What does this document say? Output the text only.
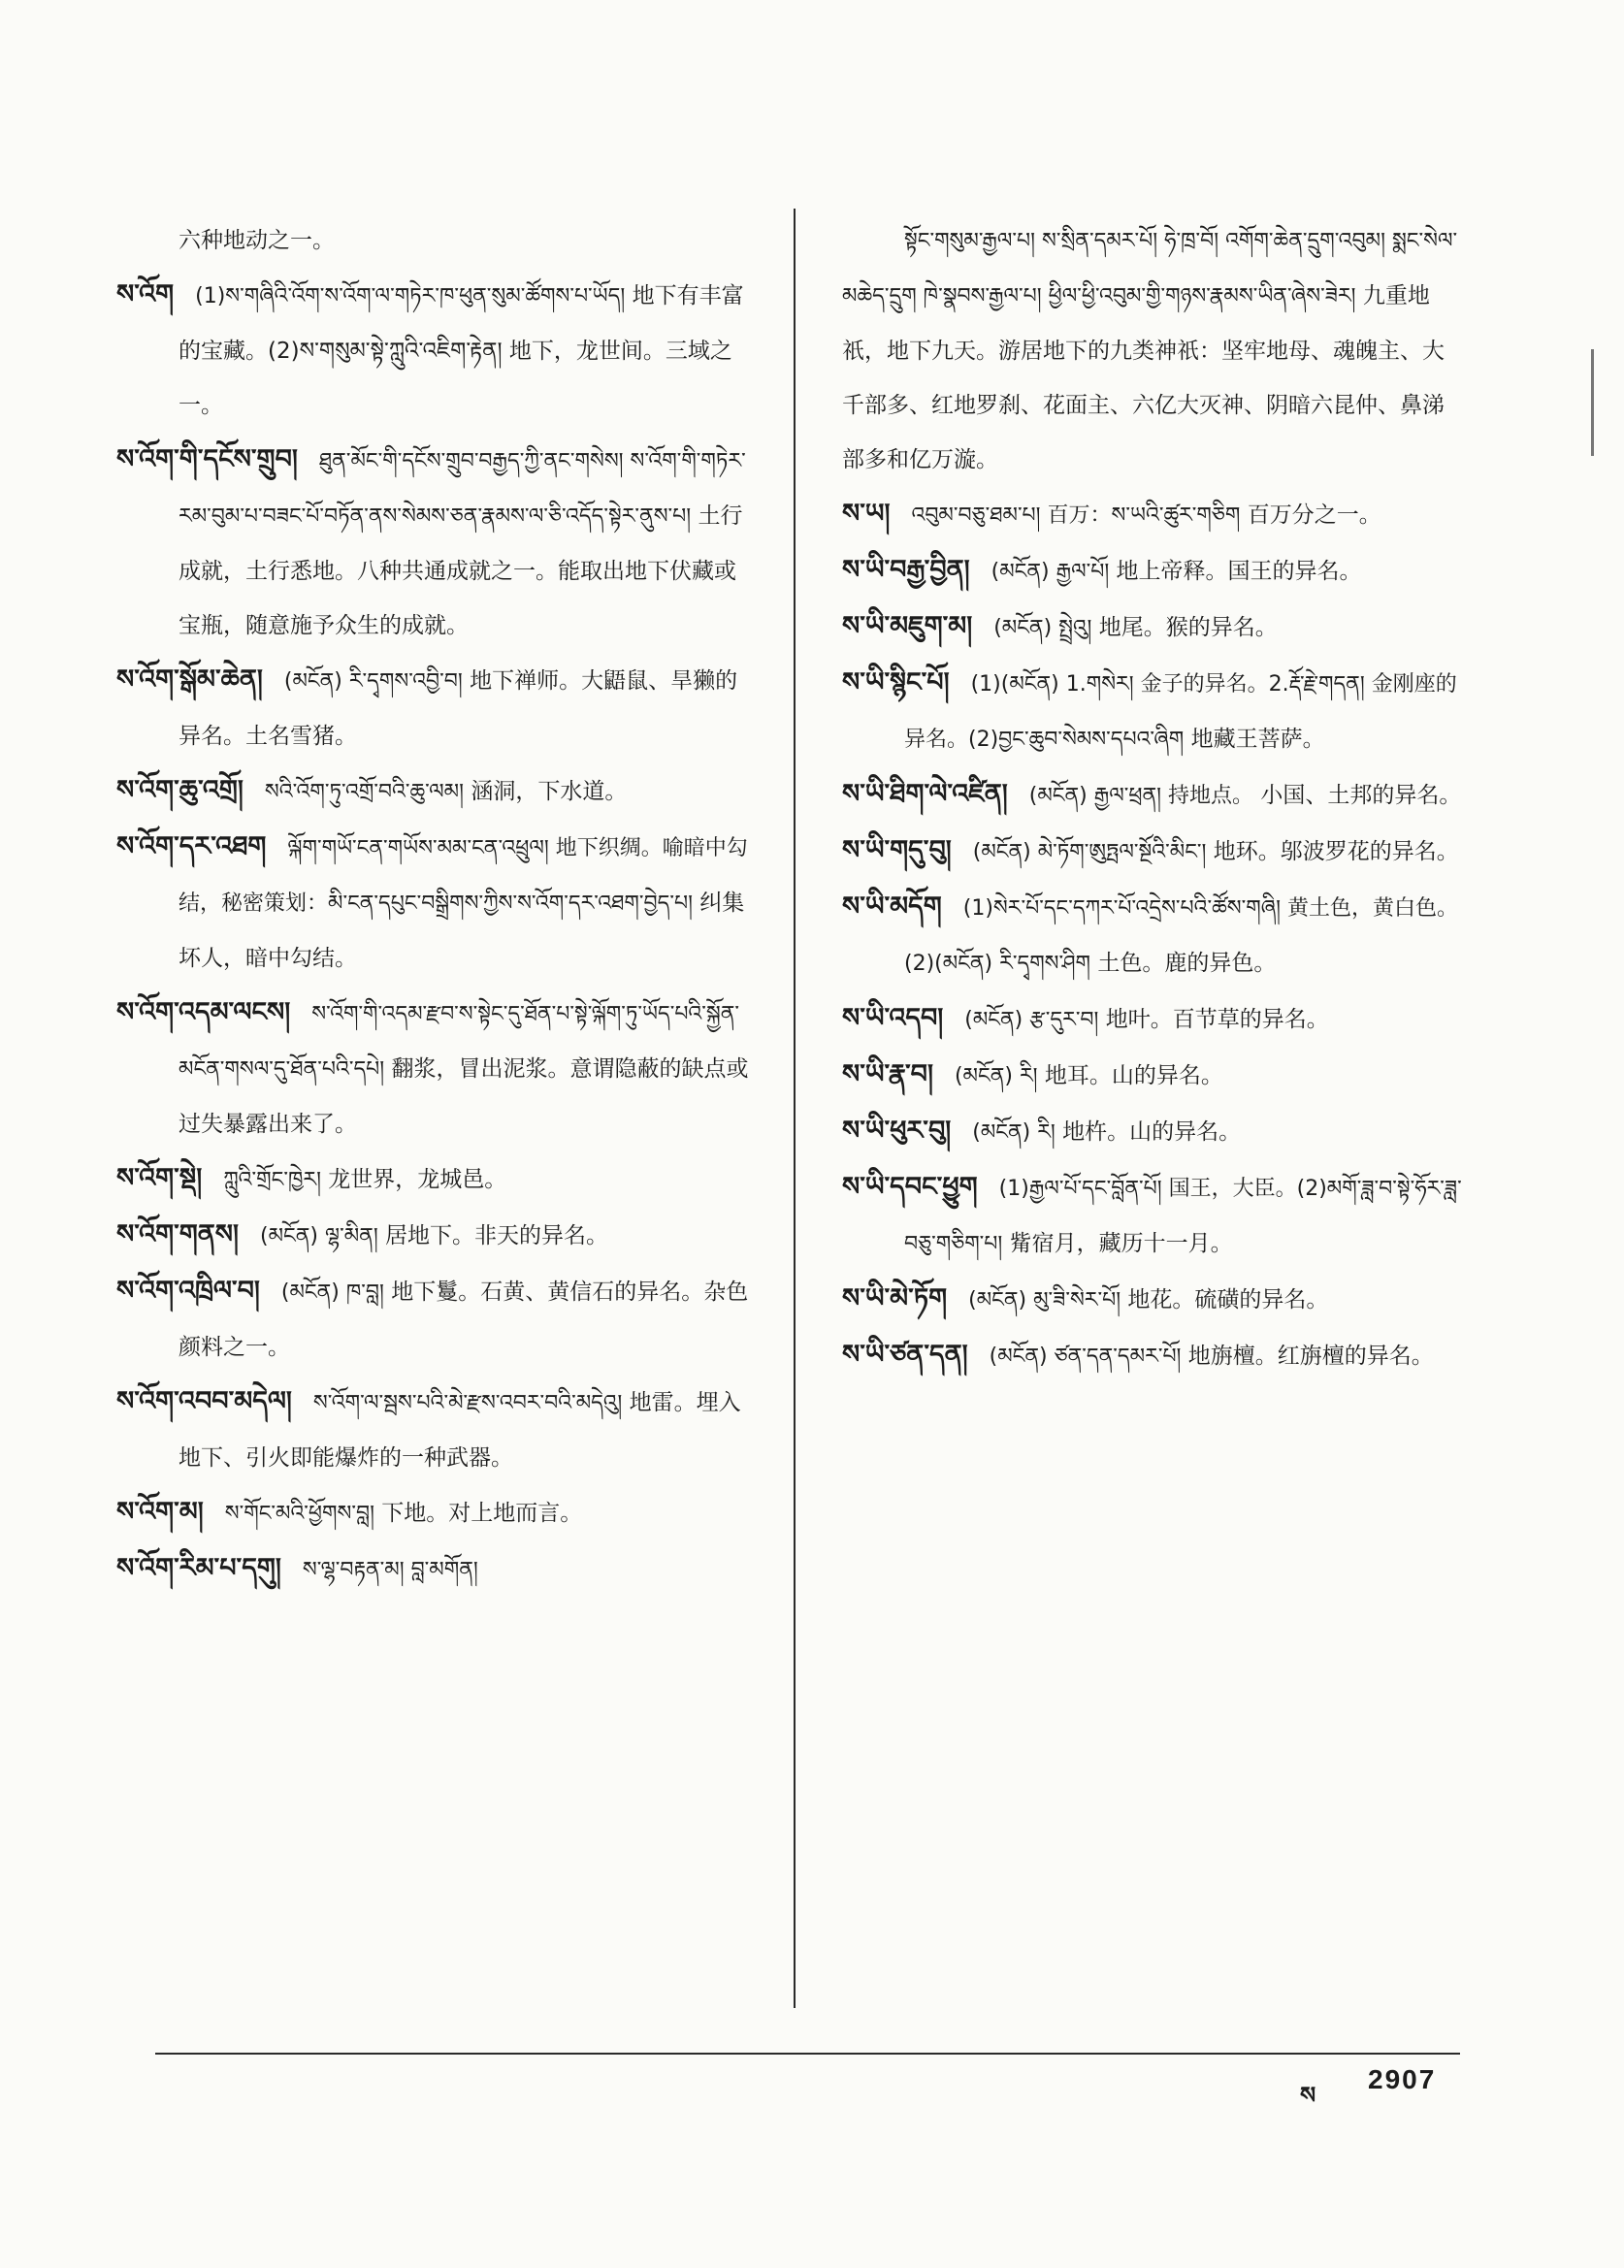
六种地动之一。
ས་འོག (1)ས་གཞིའི་འོག་ས་འོག་ལ་གཏེར་ཁ་ཕུན་སུམ་ཚོགས་པ་ཡོད། 地下有丰富的宝藏。(2)ས་གསུམ་སྟེ་ཀླུའི་འཇིག་རྟེན། 地下，龙世间。三域之一。
ས་འོག་གི་དངོས་གྲུབ། ཐུན་མོང་གི་དངོས་གྲུབ་བརྒྱད་ཀྱི་ནང་གསེས། ས་འོག་གི་གཏེར་རམ་བུམ་པ་བཟང་པོ་བཏོན་ནས་སེམས་ཅན་རྣམས་ལ་ཅི་འདོད་སྟེར་ནུས་པ། 土行成就，土行悉地。八种共通成就之一。能取出地下伏藏或宝瓶，随意施予众生的成就。
ས་འོག་སྒོམ་ཆེན། (མངོན) རི་དྭགས་འབྱི་བ། 地下禅师。大鼯鼠、旱獭的异名。土名雪猪。
ས་འོག་ཆུ་འགྲོ། སའི་འོག་ཏུ་འགྲོ་བའི་ཆུ་ལམ། 涵洞，下水道。
ས་འོག་དར་འཐག ལྐོག་གཡོ་ངན་གཡོས་མམ་ངན་འཕྲུལ། 地下织绸。喻暗中勾结，秘密策划：མི་ངན་དཔུང་བསྒྲིགས་ཀྱིས་ས་འོག་དར་འཐག་བྱེད་པ། 纠集坏人，暗中勾结。
ས་འོག་འདམ་ལངས། ས་འོག་གི་འདམ་རྫབ་ས་སྟེང་དུ་ཐོན་པ་སྟེ་ལྐོག་ཏུ་ཡོད་པའི་སྐྱོན་མངོན་གསལ་དུ་ཐོན་པའི་དཔེ། 翻浆，冒出泥浆。意谓隐蔽的缺点或过失暴露出来了。
ས་འོག་སྡེ། ཀླུའི་གྲོང་ཁྱེར། 龙世界，龙城邑。
ས་འོག་གནས། (མངོན) ལྷ་མིན། 居地下。非天的异名。
ས་འོག་འཁྲིལ་བ། (མངོན) ཁ་བླ། 地下鬘。石黄、黄信石的异名。杂色颜料之一。
ས་འོག་འབབ་མདེལ། ས་འོག་ལ་སྦས་པའི་མེ་རྫས་འབར་བའི་མདེའུ། 地雷。埋入地下、引火即能爆炸的一种武器。
ས་འོག་མ། ས་གོང་མའི་ཕྱོགས་བླ། 下地。对上地而言。
ས་འོག་རིམ་པ་དགུ། ས་ལྷ་བརྟན་མ། བླ་མགོན།
སྟོང་གསུམ་རྒྱལ་པ། ས་སྲིན་དམར་པོ། ཧེ་ཁྲ་བོ། འགོག་ཆེན་དྲུག་འབུམ། སྨང་སེལ་མཆེད་དྲུག ཁེ་སྣབས་རྒྱལ་པ། ཕྱིལ་ཕྱི་འབུམ་གྱི་གཉས་རྣམས་ཡིན་ཞེས་ཟེར། 九重地祇，地下九天。游居地下的九类神祇：坚牢地母、魂魄主、大千部多、红地罗刹、花面主、六亿大灭神、阴暗六昆仲、鼻涕部多和亿万漩。
ས་ཡ། འབུམ་བཅུ་ཐམ་པ། 百万：ས་ཡའི་ཚུར་གཅིག 百万分之一。
ས་ཡི་བརྒྱ་བྱིན། (མངོན) རྒྱལ་པོ། 地上帝释。国王的异名。
ས་ཡི་མཇུག་མ། (མངོན) སྤྲེའུ། 地尾。猴的异名。
ས་ཡི་སྙིང་པོ། (1)(མངོན) 1.གསེར། 金子的异名。2.རྡོ་རྗེ་གདན། 金刚座的异名。(2)བྱང་ཆུབ་སེམས་དཔའ་ཞིག 地藏王菩萨。
ས་ཡི་ཐིག་ལེ་འཛིན། (མངོན) རྒྱལ་ཕྲན། 持地点。 小国、土邦的异名。
ས་ཡི་གདུ་བུ། (མངོན) མེ་ཏོག་ཨུཏྤལ་སྔོའི་མིང་། 地环。邬波罗花的异名。
ས་ཡི་མདོག (1)སེར་པོ་དང་དཀར་པོ་འདྲེས་པའི་ཚོས་གཞི། 黄土色，黄白色。(2)(མངོན) རི་དྭགས་ཤིག 土色。鹿的异色。
ས་ཡི་འདབ། (མངོན) རྩ་དུར་བ། 地叶。百节草的异名。
ས་ཡི་རྣ་བ། (མངོན) རི། 地耳。山的异名。
ས་ཡི་ཕུར་བུ། (མངོན) རི། 地杵。山的异名。
ས་ཡི་དབང་ཕྱུག (1)རྒྱལ་པོ་དང་བློན་པོ། 国王，大臣。(2)མགོ་ཟླ་བ་སྟེ་ཧོར་ཟླ་བཅུ་གཅིག་པ། 觜宿月，藏历十一月。
ས་ཡི་མེ་ཏོག (མངོན) མུ་ཟི་སེར་པོ། 地花。硫磺的异名。
ས་ཡི་ཙན་དན། (མངོན) ཙན་དན་དམར་པོ། 地旃檀。红旃檀的异名。
ས
2907
